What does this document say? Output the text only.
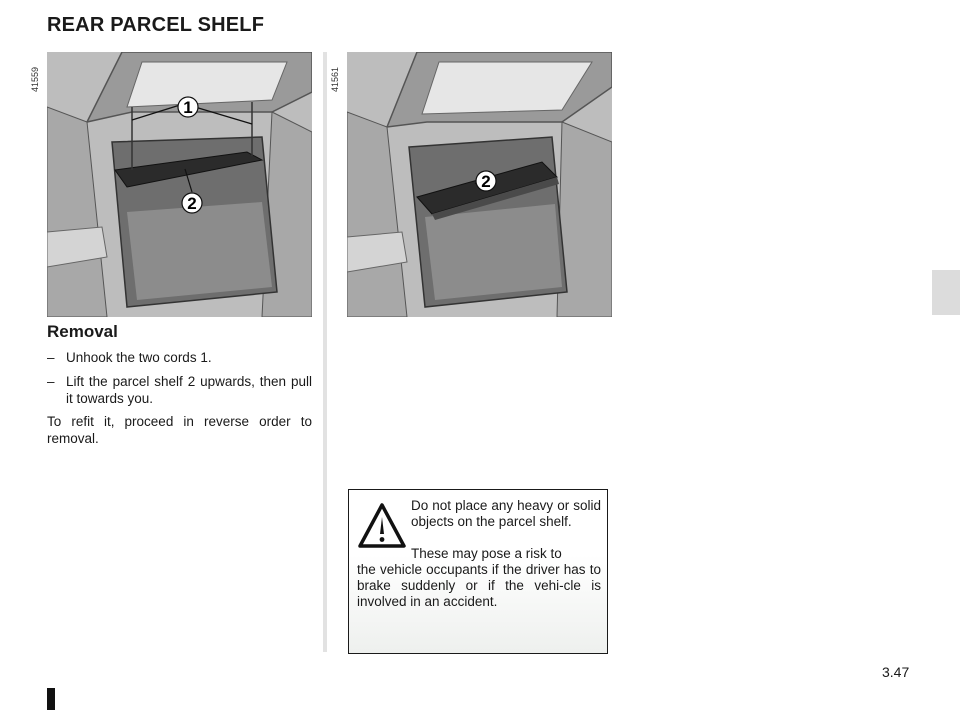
REAR PARCEL SHELF
41559
1
2
41561
2
Removal
– Unhook the two cords 1.
– Lift the parcel shelf 2 upwards, then pull it towards you.
To refit it, proceed in reverse order to removal.
Do not place any heavy or solid objects on the parcel shelf.
These may pose a risk to
the vehicle occupants if the driver has to brake suddenly or if the vehi-cle is involved in an accident.
3.47
